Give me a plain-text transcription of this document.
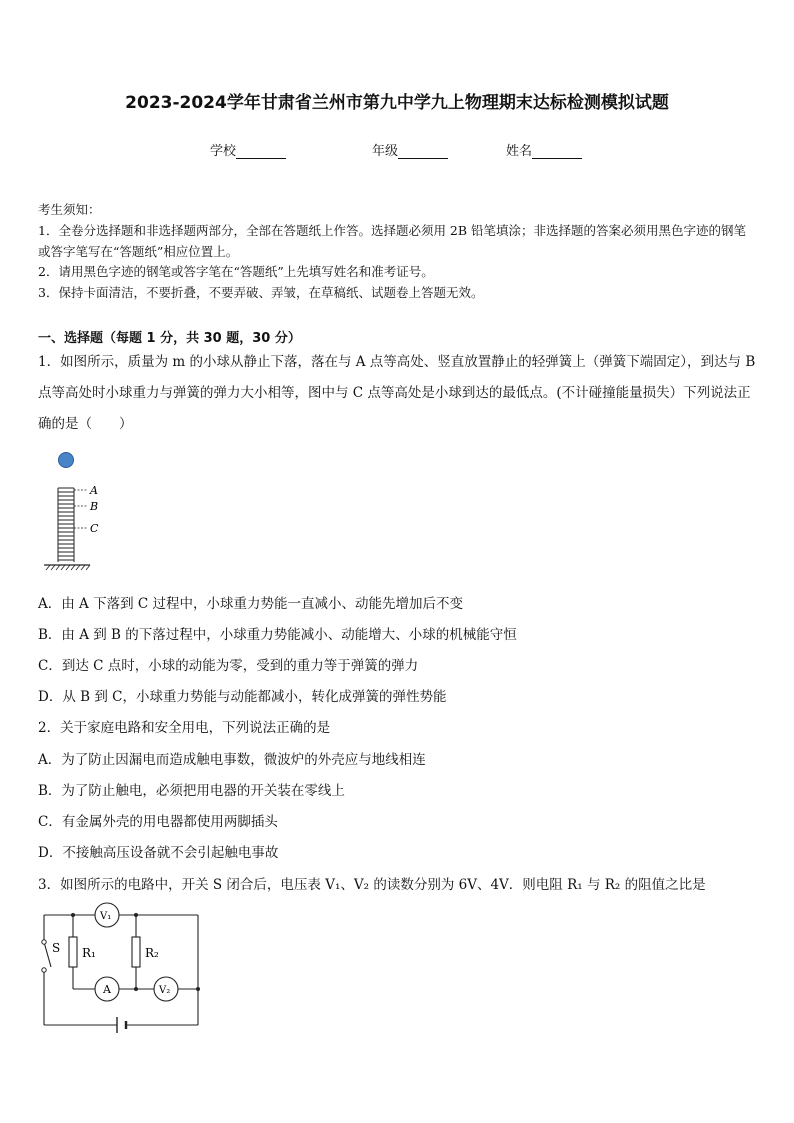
2023-2024学年甘肃省兰州市第九中学九上物理期末达标检测模拟试题
学校	年级	姓名
考生须知：
1．全卷分选择题和非选择题两部分，全部在答题纸上作答。选择题必须用 2B 铅笔填涂；非选择题的答案必须用黑色字迹的钢笔或答字笔写在“答题纸”相应位置上。
2．请用黑色字迹的钢笔或答字笔在“答题纸”上先填写姓名和准考证号。
3．保持卡面清洁，不要折叠，不要弄破、弄皱，在草稿纸、试题卷上答题无效。
一、选择题（每题 1 分，共 30 题，30 分）
1．如图所示，质量为 m 的小球从静止下落，落在与 A 点等高处、竖直放置静止的轻弹簧上（弹簧下端固定），到达与 B 点等高处时小球重力与弹簧的弹力大小相等，图中与 C 点等高处是小球到达的最低点。(不计碰撞能量损失）下列说法正确的是（　　）
A
B
C
A．由 A 下落到 C 过程中，小球重力势能一直减小、动能先增加后不变
B．由 A 到 B 的下落过程中，小球重力势能减小、动能增大、小球的机械能守恒
C．到达 C 点时，小球的动能为零，受到的重力等于弹簧的弹力
D．从 B 到 C，小球重力势能与动能都减小，转化成弹簧的弹性势能
2．关于家庭电路和安全用电，下列说法正确的是
A．为了防止因漏电而造成触电事数，微波炉的外壳应与地线相连
B．为了防止触电，必须把用电器的开关装在零线上
C．有金属外壳的用电器都使用两脚插头
D．不接触高压设备就不会引起触电事故
3．如图所示的电路中，开关 S 闭合后，电压表 V₁、V₂ 的读数分别为 6V、4V．则电阻 R₁ 与 R₂ 的阻值之比是
S R₁	R₂
V₁
A	V₂
